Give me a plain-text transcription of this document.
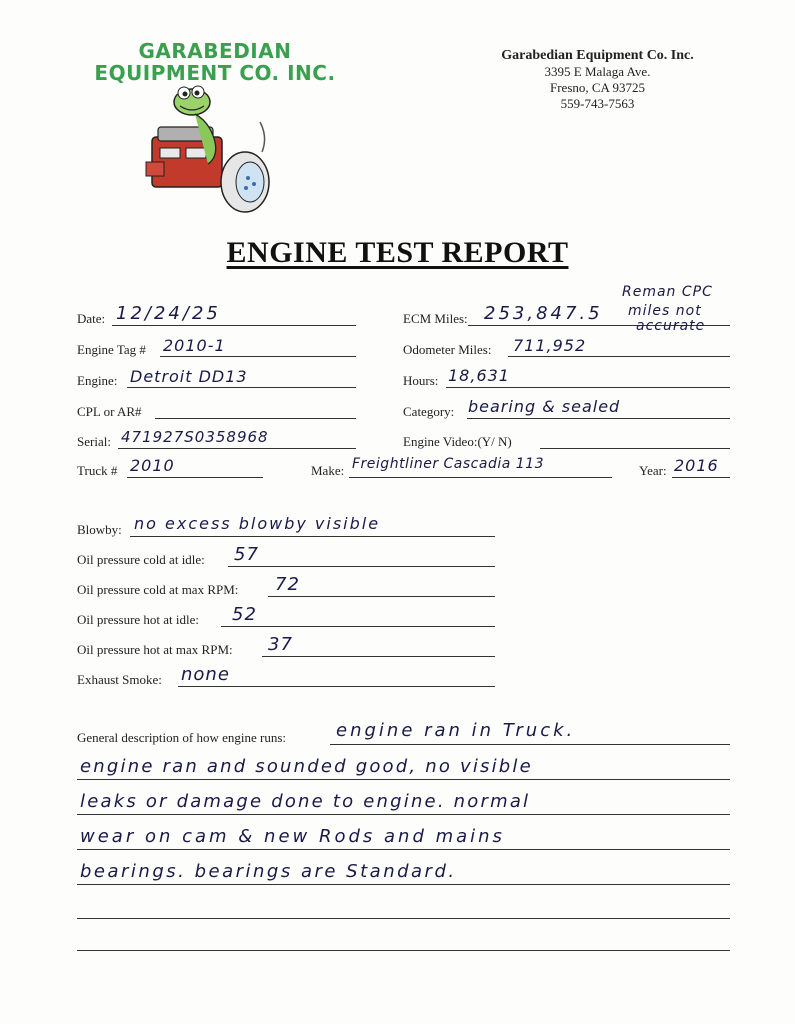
GARABEDIAN
EQUIPMENT CO. INC.
Garabedian Equipment Co. Inc.
3395 E Malaga Ave.
Fresno, CA 93725
559-743-7563
ENGINE TEST REPORT
Date: 12/24/25	ECM Miles: 253,847.5
Reman CPC
miles not
accurate
Engine Tag # 2010-1	Odometer Miles: 711,952
Engine: Detroit DD13	Hours: 18,631
CPL or AR#	Category: bearing & sealed
Serial: 471927S0358968	Engine Video:(Y/ N)
Truck # 2010	Make: Freightliner Cascadia 113	Year: 2016
Blowby: no excess blowby visible
Oil pressure cold at idle: 57
Oil pressure cold at max RPM: 72
Oil pressure hot at idle: 52
Oil pressure hot at max RPM: 37
Exhaust Smoke: none
General description of how engine runs:	engine ran in Truck.
engine ran and sounded good, no visible
leaks or damage done to engine. normal
wear on cam & new Rods and mains
bearings. bearings are Standard.
